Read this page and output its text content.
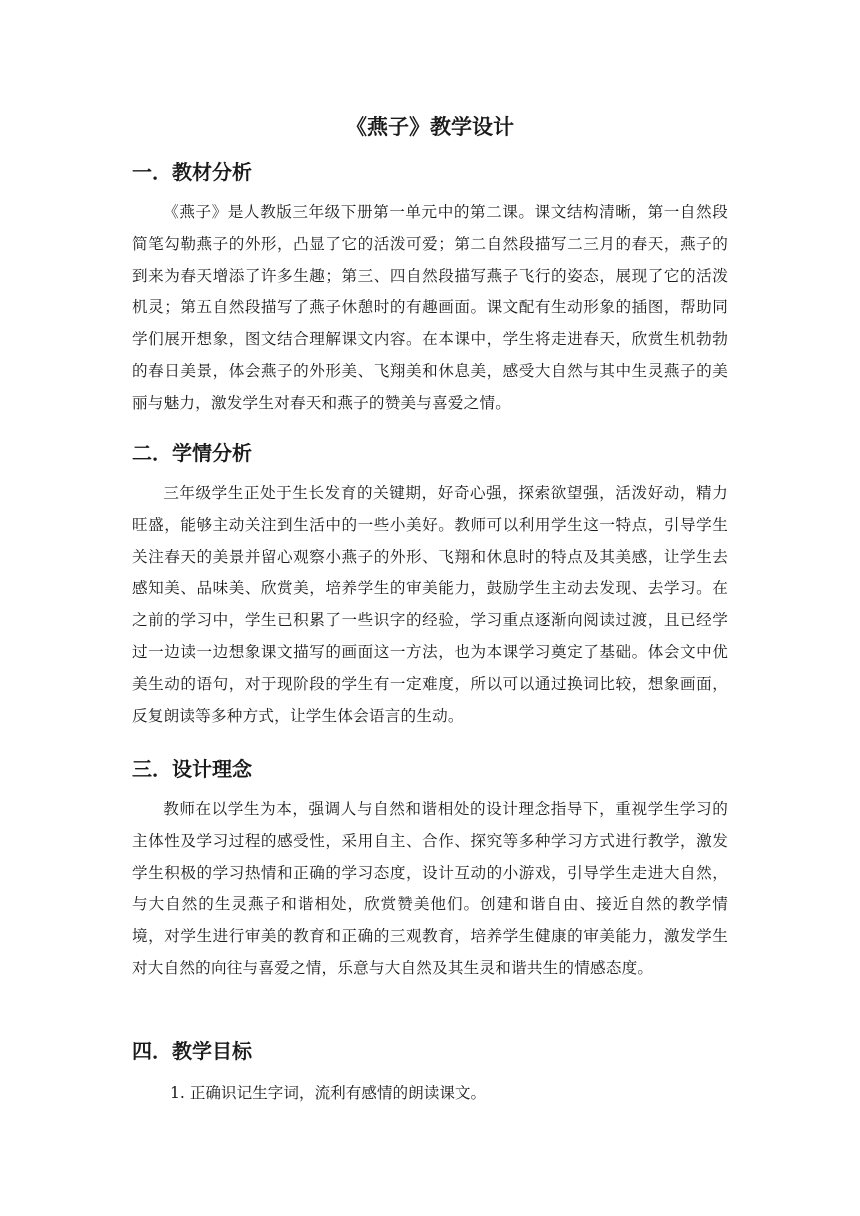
《燕子》教学设计
一．教材分析

《燕子》是人教版三年级下册第一单元中的第二课。课文结构清晰，第一自然段简笔勾勒燕子的外形，凸显了它的活泼可爱；第二自然段描写二三月的春天，燕子的到来为春天增添了许多生趣；第三、四自然段描写燕子飞行的姿态，展现了它的活泼机灵；第五自然段描写了燕子休憩时的有趣画面。课文配有生动形象的插图，帮助同学们展开想象，图文结合理解课文内容。在本课中，学生将走进春天，欣赏生机勃勃的春日美景，体会燕子的外形美、飞翔美和休息美，感受大自然与其中生灵燕子的美丽与魅力，激发学生对春天和燕子的赞美与喜爱之情。

二．学情分析

三年级学生正处于生长发育的关键期，好奇心强，探索欲望强，活泼好动，精力旺盛，能够主动关注到生活中的一些小美好。教师可以利用学生这一特点，引导学生关注春天的美景并留心观察小燕子的外形、飞翔和休息时的特点及其美感，让学生去感知美、品味美、欣赏美，培养学生的审美能力，鼓励学生主动去发现、去学习。在之前的学习中，学生已积累了一些识字的经验，学习重点逐渐向阅读过渡，且已经学过一边读一边想象课文描写的画面这一方法，也为本课学习奠定了基础。体会文中优美生动的语句，对于现阶段的学生有一定难度，所以可以通过换词比较，想象画面，反复朗读等多种方式，让学生体会语言的生动。

三．设计理念

教师在以学生为本，强调人与自然和谐相处的设计理念指导下，重视学生学习的主体性及学习过程的感受性，采用自主、合作、探究等多种学习方式进行教学，激发学生积极的学习热情和正确的学习态度，设计互动的小游戏，引导学生走进大自然，与大自然的生灵燕子和谐相处，欣赏赞美他们。创建和谐自由、接近自然的教学情境，对学生进行审美的教育和正确的三观教育，培养学生健康的审美能力，激发学生对大自然的向往与喜爱之情，乐意与大自然及其生灵和谐共生的情感态度。

四．教学目标

1. 正确识记生字词，流利有感情的朗读课文。
